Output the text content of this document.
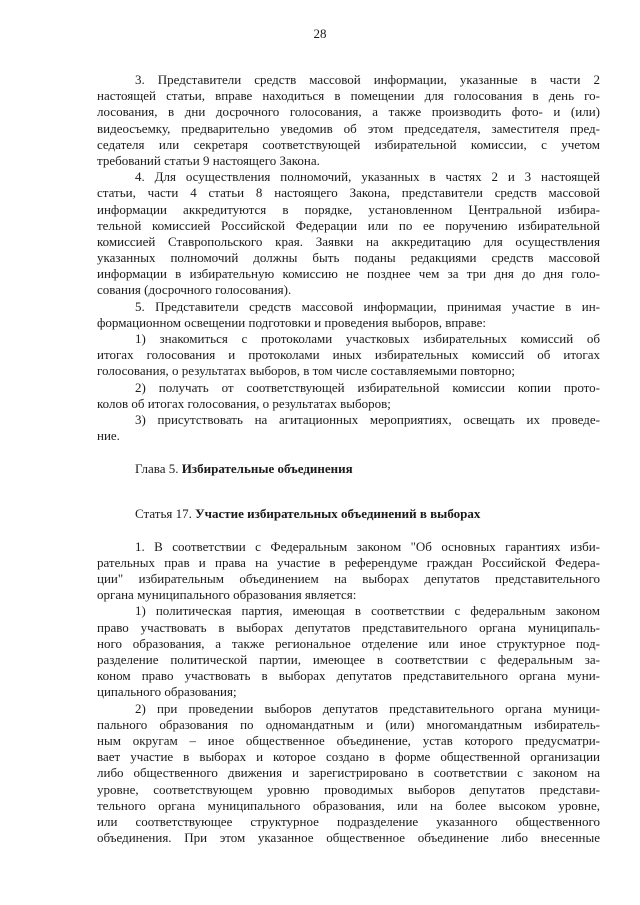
28
3. Представители средств массовой информации, указанные в части 2
настоящей статьи, вправе находиться в помещении для голосования в день го-
лосования, в дни досрочного голосования, а также производить фото- и (или)
видеосъемку, предварительно уведомив об этом председателя, заместителя пред-
седателя или секретаря соответствующей избирательной комиссии, с учетом
требований статьи 9 настоящего Закона.
4. Для осуществления полномочий, указанных в частях 2 и 3 настоящей
статьи, части 4 статьи 8 настоящего Закона, представители средств массовой
информации аккредитуются в порядке, установленном Центральной избира-
тельной комиссией Российской Федерации или по ее поручению избирательной
комиссией Ставропольского края. Заявки на аккредитацию для осуществления
указанных полномочий должны быть поданы редакциями средств массовой
информации в избирательную комиссию не позднее чем за три дня до дня голо-
сования (досрочного голосования).
5. Представители средств массовой информации, принимая участие в ин-
формационном освещении подготовки и проведения выборов, вправе:
1) знакомиться с протоколами участковых избирательных комиссий об
итогах голосования и протоколами иных избирательных комиссий об итогах
голосования, о результатах выборов, в том числе составляемыми повторно;
2) получать от соответствующей избирательной комиссии копии прото-
колов об итогах голосования, о результатах выборов;
3) присутствовать на агитационных мероприятиях, освещать их проведе-
ние.
Глава 5. Избирательные объединения
Статья 17. Участие избирательных объединений в выборах
1. В соответствии с Федеральным законом "Об основных гарантиях изби-
рательных прав и права на участие в референдуме граждан Российской Федера-
ции" избирательным объединением на выборах депутатов представительного
органа муниципального образования является:
1) политическая партия, имеющая в соответствии с федеральным законом
право участвовать в выборах депутатов представительного органа муниципаль-
ного образования, а также региональное отделение или иное структурное под-
разделение политической партии, имеющее в соответствии с федеральным за-
коном право участвовать в выборах депутатов представительного органа муни-
ципального образования;
2) при проведении выборов депутатов представительного органа муници-
пального образования по одномандатным и (или) многомандатным избиратель-
ным округам – иное общественное объединение, устав которого предусматри-
вает участие в выборах и которое создано в форме общественной организации
либо общественного движения и зарегистрировано в соответствии с законом на
уровне, соответствующем уровню проводимых выборов депутатов представи-
тельного органа муниципального образования, или на более высоком уровне,
или соответствующее структурное подразделение указанного общественного
объединения. При этом указанное общественное объединение либо внесенные
